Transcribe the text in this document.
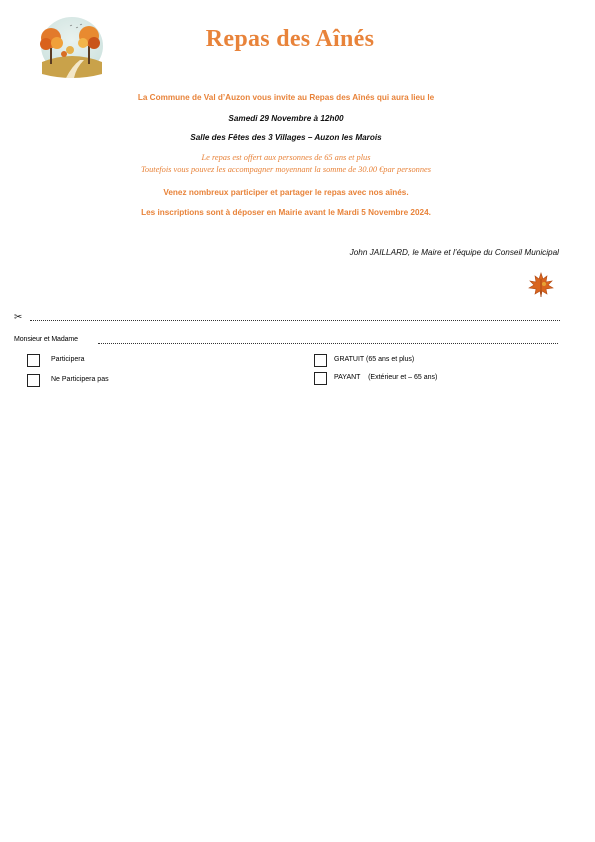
Repas des Aînés
La Commune de Val d’Auzon vous invite au Repas des Aînés qui aura lieu le
Samedi 29 Novembre à 12h00
Salle des Fêtes des 3 Villages – Auzon les Marois
Le repas est offert aux personnes de 65 ans et plus
Toutefois vous pouvez les accompagner moyennant la somme de 30.00 €par personnes
Venez nombreux participer et partager le repas avec nos aînés.
Les inscriptions sont à déposer en Mairie avant le Mardi 5 Novembre 2024.
John JAILLARD, le Maire et l’équipe du Conseil Municipal
✂
Monsieur et Madame
Participera
Ne Participera pas
GRATUIT (65 ans et plus)
PAYANT    (Extérieur et – 65 ans)
